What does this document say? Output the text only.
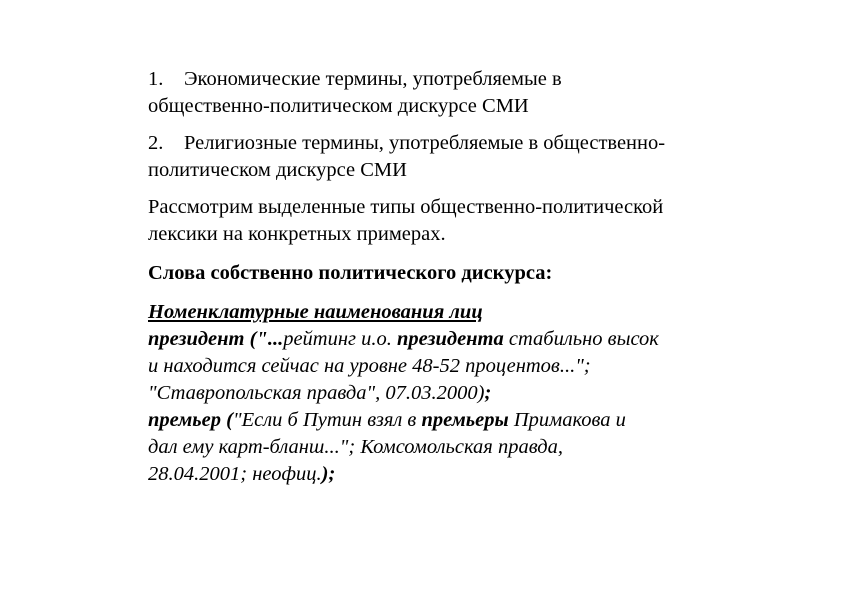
1. Экономические термины, употребляемые в
общественно-политическом дискурсе СМИ
2. Религиозные термины, употребляемые в общественно-
политическом дискурсе СМИ
Рассмотрим выделенные типы общественно-политической
лексики на конкретных примерах.
Слова собственно политического дискурса:
Номенклатурные наименования лиц
президент ("...рейтинг и.о. президента стабильно высок
и находится сейчас на уровне 48-52 процентов...";
"Ставропольская правда", 07.03.2000);
премьер ("Если б Путин взял в премьеры Примакова и
дал ему карт-бланш..."; Комсомольская правда,
28.04.2001; неофиц.);
